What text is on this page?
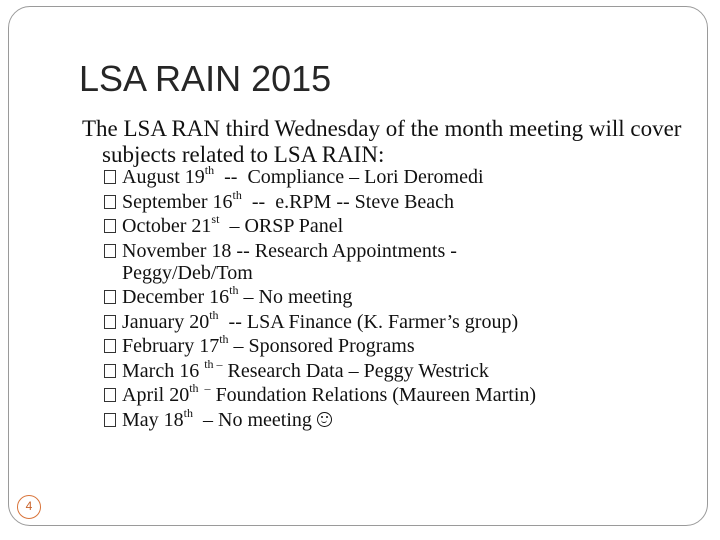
LSA RAIN 2015
The LSA RAN third Wednesday of the month meeting will cover subjects related to LSA RAIN:
August 19th  --  Compliance – Lori Deromedi
September 16th  --  e.RPM -- Steve Beach
October 21st  – ORSP Panel
November 18 -- Research Appointments - Peggy/Deb/Tom
December 16th – No meeting
January 20th  -- LSA Finance (K. Farmer’s group)
February 17th – Sponsored Programs
March 16 $^{th -}$ Research Data – Peggy Westrick
April $20^{th -}$ Foundation Relations (Maureen Martin)
May 18th  – No meeting
4
